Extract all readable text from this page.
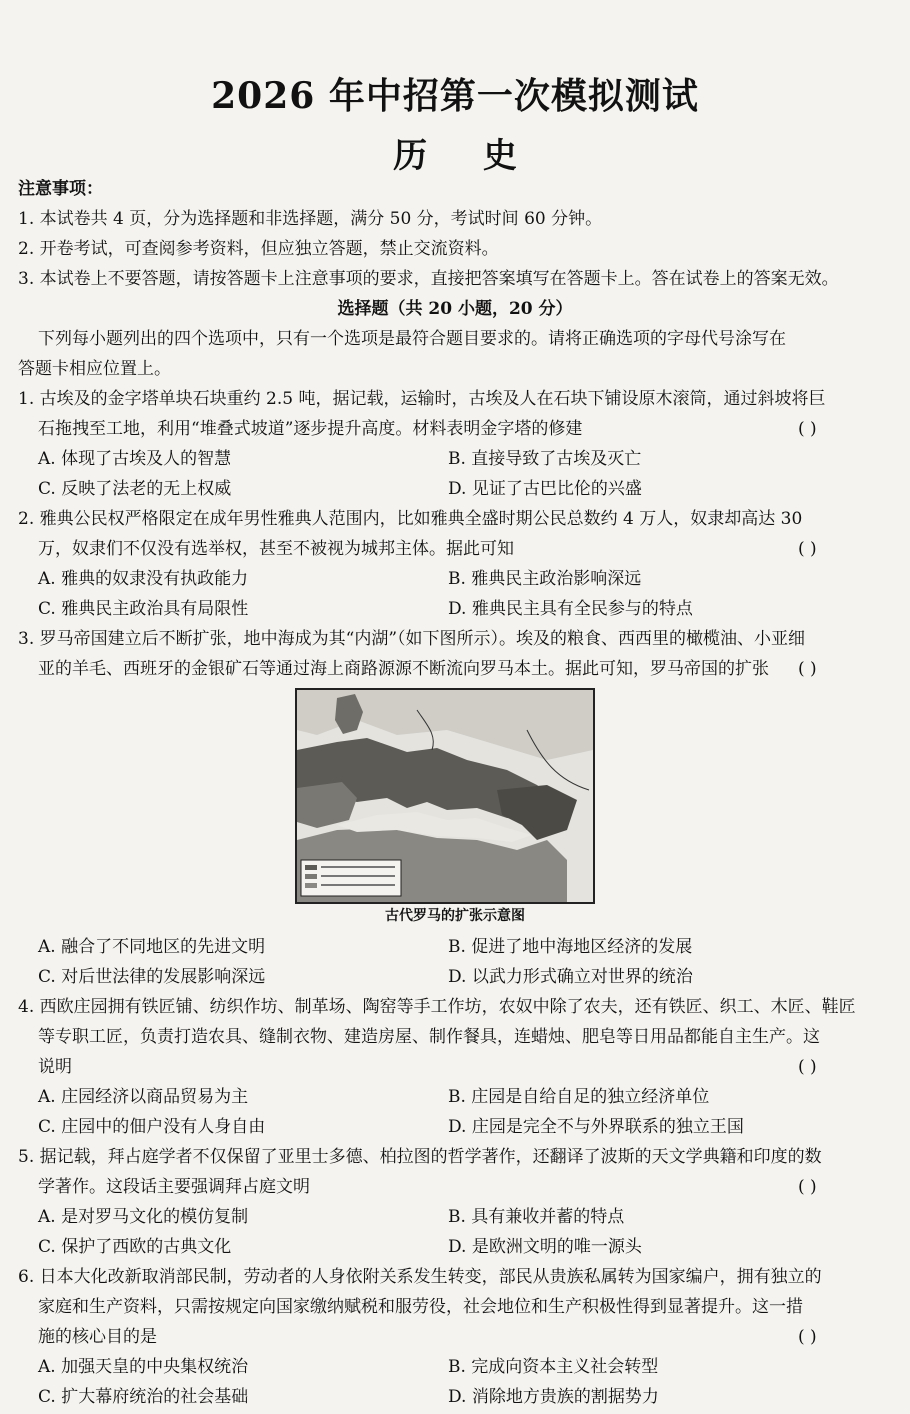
2026 年中招第一次模拟测试
历 史
注意事项：
1. 本试卷共 4 页，分为选择题和非选择题，满分 50 分，考试时间 60 分钟。
2. 开卷考试，可查阅参考资料，但应独立答题，禁止交流资料。
3. 本试卷上不要答题，请按答题卡上注意事项的要求，直接把答案填写在答题卡上。答在试卷上的答案无效。
选择题（共 20 小题，20 分）
下列每小题列出的四个选项中，只有一个选项是最符合题目要求的。请将正确选项的字母代号涂写在
答题卡相应位置上。
1. 古埃及的金字塔单块石块重约 2.5 吨，据记载，运输时，古埃及人在石块下铺设原木滚筒，通过斜坡将巨
石拖拽至工地，利用“堆叠式坡道”逐步提升高度。材料表明金字塔的修建	( )
A. 体现了古埃及人的智慧	B. 直接导致了古埃及灭亡
C. 反映了法老的无上权威	D. 见证了古巴比伦的兴盛
2. 雅典公民权严格限定在成年男性雅典人范围内，比如雅典全盛时期公民总数约 4 万人，奴隶却高达 30
万，奴隶们不仅没有选举权，甚至不被视为城邦主体。据此可知	( )
A. 雅典的奴隶没有执政能力	B. 雅典民主政治影响深远
C. 雅典民主政治具有局限性	D. 雅典民主具有全民参与的特点
3. 罗马帝国建立后不断扩张，地中海成为其“内湖”（如下图所示）。埃及的粮食、西西里的橄榄油、小亚细
亚的羊毛、西班牙的金银矿石等通过海上商路源源不断流向罗马本土。据此可知，罗马帝国的扩张 ( )
古代罗马的扩张示意图
A. 融合了不同地区的先进文明	B. 促进了地中海地区经济的发展
C. 对后世法律的发展影响深远	D. 以武力形式确立对世界的统治
4. 西欧庄园拥有铁匠铺、纺织作坊、制革场、陶窑等手工作坊，农奴中除了农夫，还有铁匠、织工、木匠、鞋匠
等专职工匠，负责打造农具、缝制衣物、建造房屋、制作餐具，连蜡烛、肥皂等日用品都能自主生产。这
说明	( )
A. 庄园经济以商品贸易为主	B. 庄园是自给自足的独立经济单位
C. 庄园中的佃户没有人身自由	D. 庄园是完全不与外界联系的独立王国
5. 据记载，拜占庭学者不仅保留了亚里士多德、柏拉图的哲学著作，还翻译了波斯的天文学典籍和印度的数
学著作。这段话主要强调拜占庭文明	( )
A. 是对罗马文化的模仿复制	B. 具有兼收并蓄的特点
C. 保护了西欧的古典文化	D. 是欧洲文明的唯一源头
6. 日本大化改新取消部民制，劳动者的人身依附关系发生转变，部民从贵族私属转为国家编户，拥有独立的
家庭和生产资料，只需按规定向国家缴纳赋税和服劳役，社会地位和生产积极性得到显著提升。这一措
施的核心目的是	( )
A. 加强天皇的中央集权统治	B. 完成向资本主义社会转型
C. 扩大幕府统治的社会基础	D. 消除地方贵族的割据势力
